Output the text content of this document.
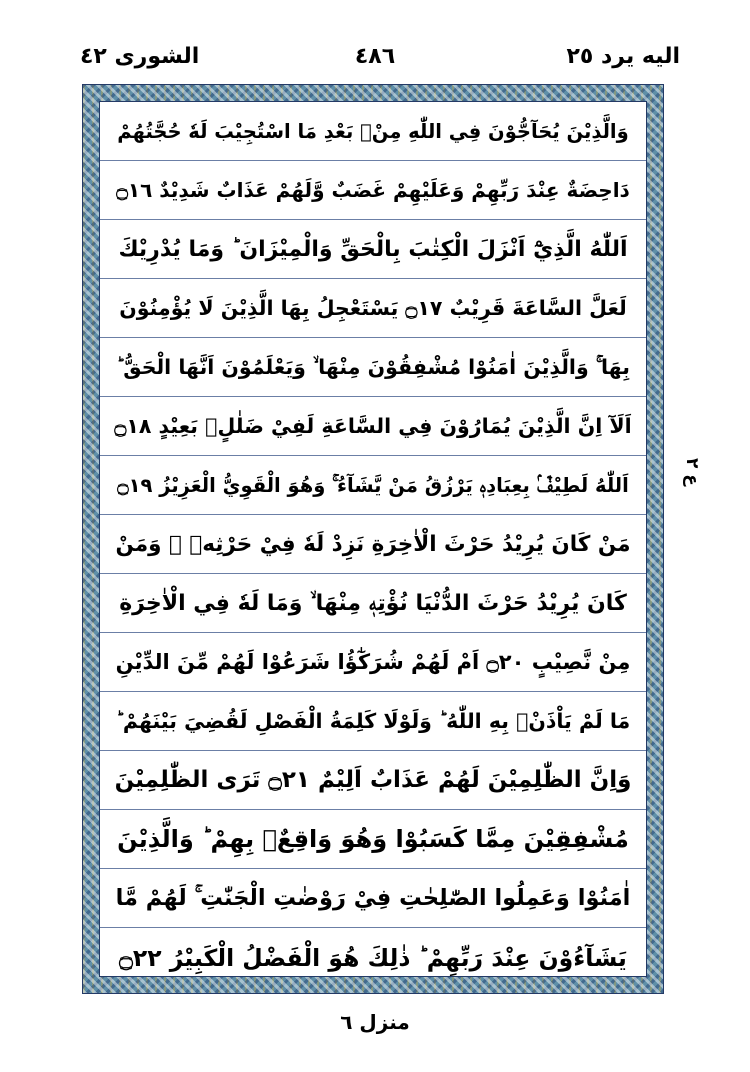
اليه يرد ٢٥
٤٨٦
الشورى ٤٢
وَالَّذِيْنَ يُحَآجُّوْنَ فِي اللّٰهِ مِنْۢ بَعْدِ مَا اسْتُجِيْبَ لَهٗ حُجَّتُهُمْ
دَاحِضَةٌ عِنْدَ رَبِّهِمْ وَعَلَيْهِمْ غَضَبٌ وَّلَهُمْ عَذَابٌ شَدِيْدٌ ۝١٦
اَللّٰهُ الَّذِيْٓ اَنْزَلَ الْكِتٰبَ بِالْحَقِّ وَالْمِيْزَانَ ؕ وَمَا يُدْرِيْكَ
لَعَلَّ السَّاعَةَ قَرِيْبٌ ۝١٧ يَسْتَعْجِلُ بِهَا الَّذِيْنَ لَا يُؤْمِنُوْنَ
بِهَا ۚ وَالَّذِيْنَ اٰمَنُوْا مُشْفِقُوْنَ مِنْهَا ۙ وَيَعْلَمُوْنَ اَنَّهَا الْحَقُّ ؕ
اَلَآ اِنَّ الَّذِيْنَ يُمَارُوْنَ فِي السَّاعَةِ لَفِيْ ضَلٰلٍۢ بَعِيْدٍ ۝١٨
اَللّٰهُ لَطِيْفٌۢ بِعِبَادِهٖ يَرْزُقُ مَنْ يَّشَآءُ ۚ وَهُوَ الْقَوِيُّ الْعَزِيْزُ ۝١٩
مَنْ كَانَ يُرِيْدُ حَرْثَ الْاٰخِرَةِ نَزِدْ لَهٗ فِيْ حَرْثِهٖ ۚ وَمَنْ
كَانَ يُرِيْدُ حَرْثَ الدُّنْيَا نُؤْتِهٖ مِنْهَا ۙ وَمَا لَهٗ فِي الْاٰخِرَةِ
مِنْ نَّصِيْبٍ ۝٢٠ اَمْ لَهُمْ شُرَكٰٓؤُا شَرَعُوْا لَهُمْ مِّنَ الدِّيْنِ
مَا لَمْ يَاْذَنْۢ بِهِ اللّٰهُ ؕ وَلَوْلَا كَلِمَةُ الْفَصْلِ لَقُضِيَ بَيْنَهُمْ ؕ
وَاِنَّ الظّٰلِمِيْنَ لَهُمْ عَذَابٌ اَلِيْمٌ ۝٢١ تَرَى الظّٰلِمِيْنَ
مُشْفِقِيْنَ مِمَّا كَسَبُوْا وَهُوَ وَاقِعٌۢ بِهِمْ ؕ وَالَّذِيْنَ
اٰمَنُوْا وَعَمِلُوا الصّٰلِحٰتِ فِيْ رَوْضٰتِ الْجَنّٰتِ ۚ لَهُمْ مَّا
يَشَآءُوْنَ عِنْدَ رَبِّهِمْ ؕ ذٰلِكَ هُوَ الْفَضْلُ الْكَبِيْرُ ۝٢٢
ع ٢
منزل ٦
